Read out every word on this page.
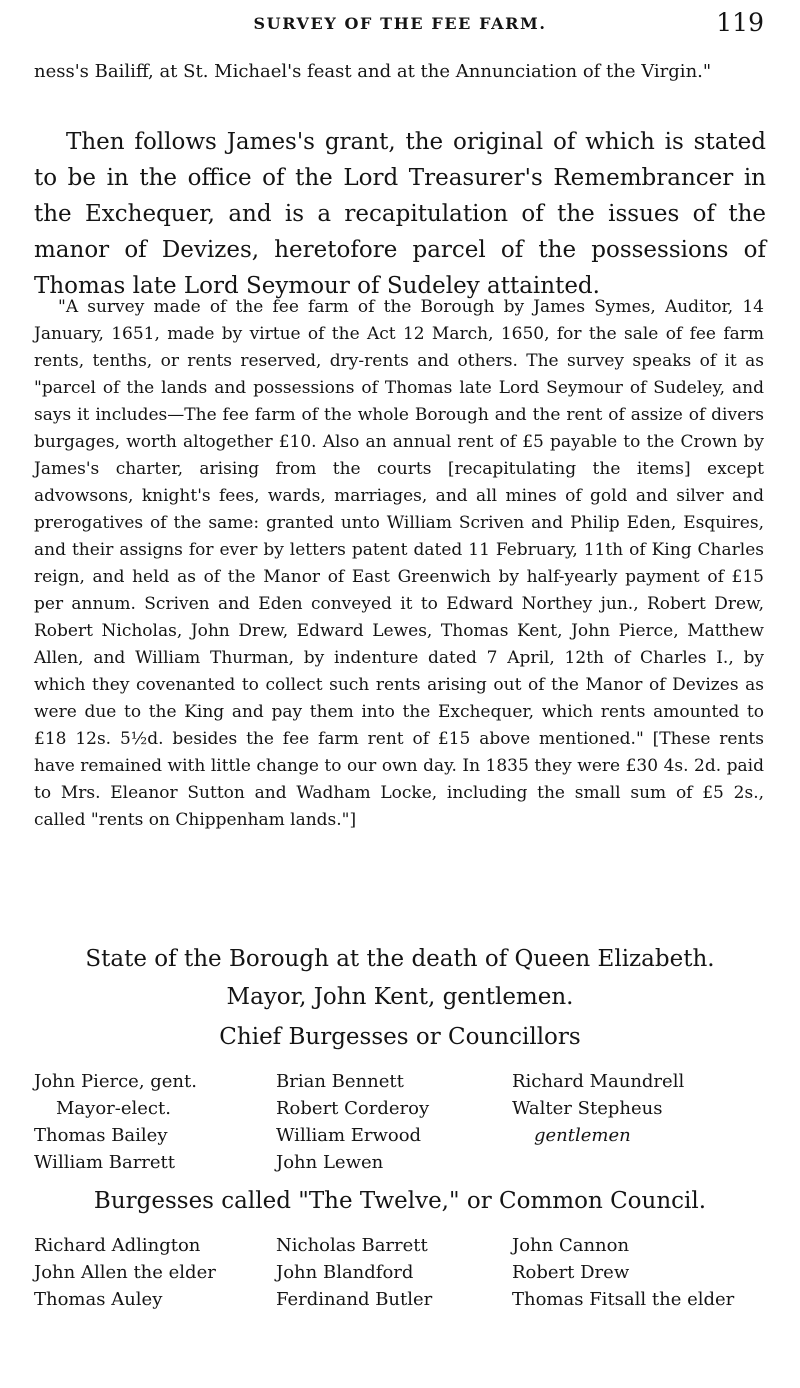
SURVEY OF THE FEE FARM.	119

ness's Bailiff, at St. Michael's feast and at the Annunciation of the Virgin."

Then follows James's grant, the original of which is stated to be in the office of the Lord Treasurer's Remembrancer in the Exchequer, and is a recapitulation of the issues of the manor of Devizes, heretofore parcel of the possessions of Thomas late Lord Seymour of Sudeley attainted.

"A survey made of the fee farm of the Borough by James Symes, Auditor, 14 January, 1651, made by virtue of the Act 12 March, 1650, for the sale of fee farm rents, tenths, or rents reserved, dry-rents and others. The survey speaks of it as "parcel of the lands and possessions of Thomas late Lord Seymour of Sudeley, and says it includes—The fee farm of the whole Borough and the rent of assize of divers burgages, worth altogether £10. Also an annual rent of £5 payable to the Crown by James's charter, arising from the courts [recapitulating the items] except advowsons, knight's fees, wards, marriages, and all mines of gold and silver and prerogatives of the same: granted unto William Scriven and Philip Eden, Esquires, and their assigns for ever by letters patent dated 11 February, 11th of King Charles reign, and held as of the Manor of East Greenwich by half-yearly payment of £15 per annum. Scriven and Eden conveyed it to Edward Northey jun., Robert Drew, Robert Nicholas, John Drew, Edward Lewes, Thomas Kent, John Pierce, Matthew Allen, and William Thurman, by indenture dated 7 April, 12th of Charles I., by which they covenanted to collect such rents arising out of the Manor of Devizes as were due to the King and pay them into the Exchequer, which rents amounted to £18 12s. 5½d. besides the fee farm rent of £15 above mentioned." [These rents have remained with little change to our own day. In 1835 they were £30 4s. 2d. paid to Mrs. Eleanor Sutton and Wadham Locke, including the small sum of £5 2s., called "rents on Chippenham lands."]

State of the Borough at the death of Queen Elizabeth.
Mayor, John Kent, gentlemen.
Chief Burgesses or Councillors
John Pierce, gent.
Mayor-elect.
Thomas Bailey
William Barrett
Brian Bennett
Robert Corderoy
William Erwood
John Lewen
Richard Maundrell
Walter Stepheus
gentlemen
Burgesses called "The Twelve," or Common Council.
Richard Adlington
John Allen the elder
Thomas Auley
Nicholas Barrett
John Blandford
Ferdinand Butler
John Cannon
Robert Drew
Thomas Fitsall the elder
